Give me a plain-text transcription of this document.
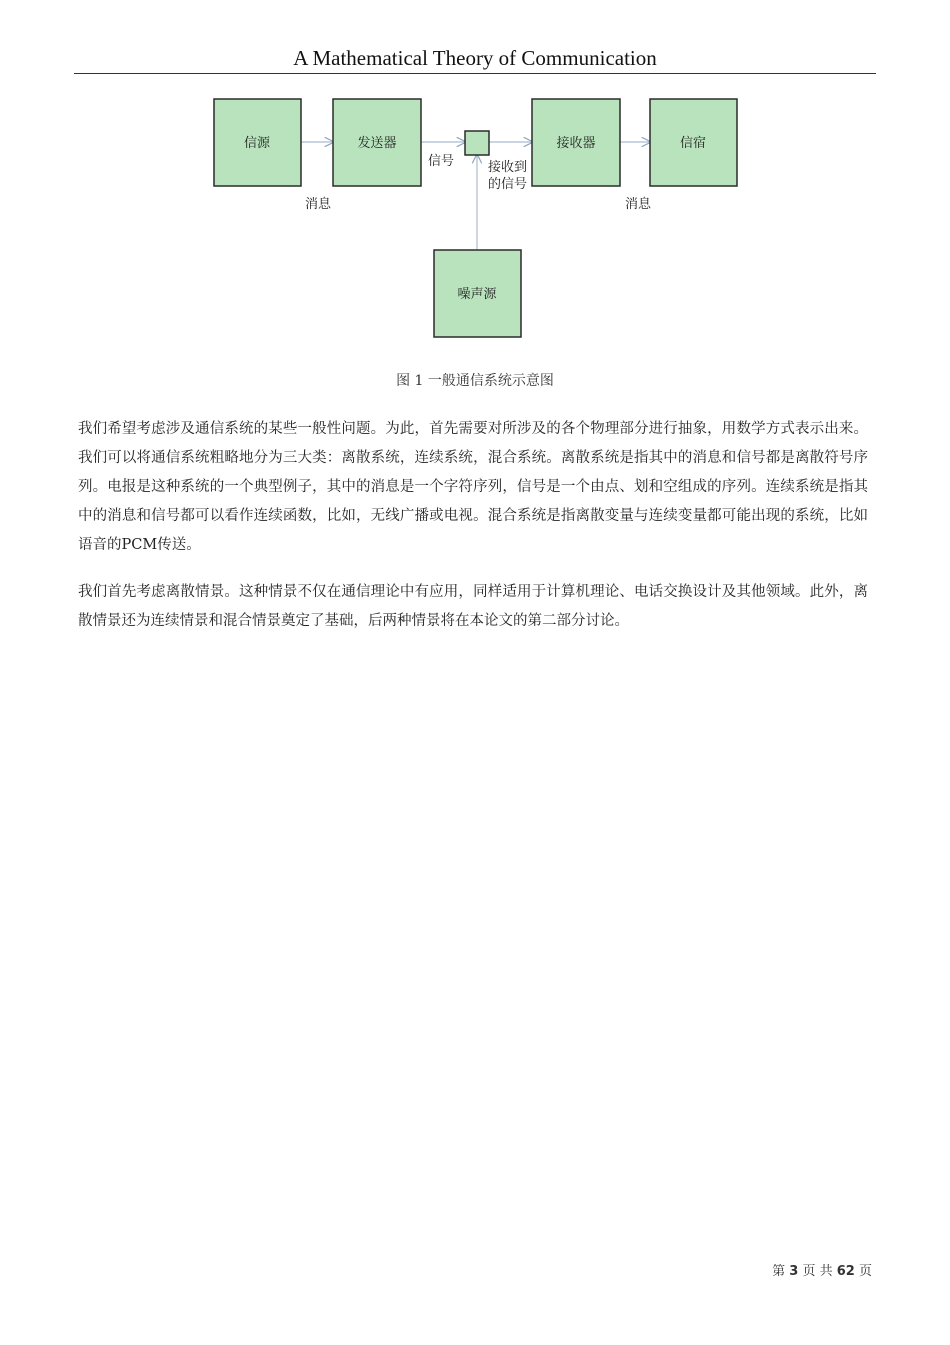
A Mathematical Theory of Communication
信源	发送器	接收器	信宿
噪声源
消息
信号	接收到
的信号
消息
图 1 一般通信系统示意图

我们希望考虑涉及通信系统的某些一般性问题。为此，首先需要对所涉及的各个物理部分进行抽象，用数学方式表示出来。我们可以将通信系统粗略地分为三大类：离散系统，连续系统，混合系统。离散系统是指其中的消息和信号都是离散符号序列。电报是这种系统的一个典型例子，其中的消息是一个字符序列，信号是一个由点、划和空组成的序列。连续系统是指其中的消息和信号都可以看作连续函数，比如，无线广播或电视。混合系统是指离散变量与连续变量都可能出现的系统，比如语音的PCM传送。

我们首先考虑离散情景。这种情景不仅在通信理论中有应用，同样适用于计算机理论、电话交换设计及其他领域。此外，离散情景还为连续情景和混合情景奠定了基础，后两种情景将在本论文的第二部分讨论。

第 3 页 共 62 页
